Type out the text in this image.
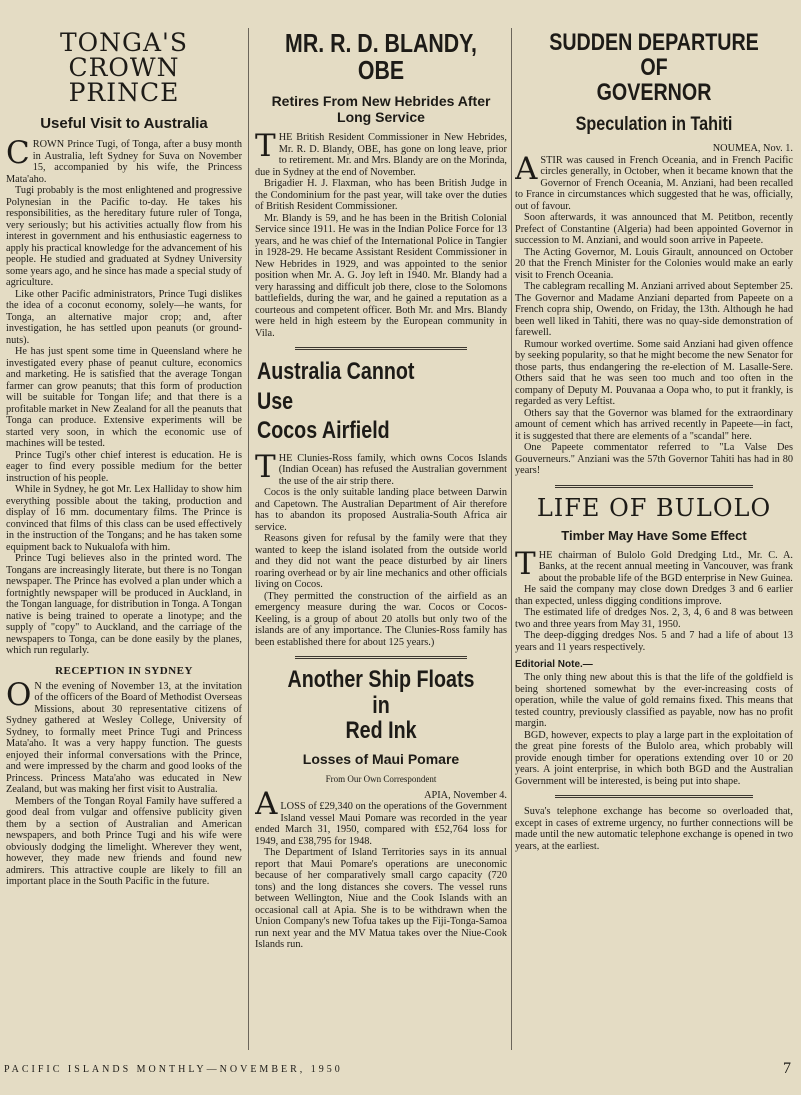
TONGA'S CROWN
PRINCE
Useful Visit to Australia
C ROWN Prince Tugi, of Tonga, after a busy month in Australia, left Sydney for Suva on November 15, accompanied by his wife, the Princess Mata'aho.

Tugi probably is the most enlightened and progressive Polynesian in the Pacific to-day. He takes his responsibilities, as the hereditary future ruler of Tonga, very seriously; but his activities actually flow from his interest in government and his enthusiastic eagerness to apply his practical knowledge for the advancement of his people. He studied and graduated at Sydney University some years ago, and he since has made a special study of agriculture.

Like other Pacific administrators, Prince Tugi dislikes the idea of a coconut economy, solely—he wants, for Tonga, an alternative major crop; and, after investigation, he has settled upon peanuts (or ground-nuts).

He has just spent some time in Queensland where he investigated every phase of peanut culture, economics and marketing. He is satisfied that the average Tongan farmer can grow peanuts; that this form of production will be suitable for Tongan life; and that there is a profitable market in New Zealand for all the peanuts that Tonga can produce. Extensive experiments will be started very soon, in which the economic use of machines will be tested.

Prince Tugi's other chief interest is education. He is eager to find every possible medium for the better instruction of his people.

While in Sydney, he got Mr. Lex Halliday to show him everything possible about the taking, production and display of 16 mm. documentary films. The Prince is convinced that films of this class can be used effectively in the instruction of the Tongans; and he has taken some equipment back to Nukualofa with him.

Prince Tugi believes also in the printed word. The Tongans are increasingly literate, but there is no Tongan newspaper. The Prince has evolved a plan under which a fortnightly newspaper will be produced in Auckland, in the Tongan language, for distribution in Tonga. A Tongan native is being trained to operate a linotype; and the supply of "copy" to Auckland, and the carriage of the newspapers to Tonga, can be done easily by the planes, which run regularly.

RECEPTION IN SYDNEY
O N the evening of November 13, at the invitation of the officers of the Board of Methodist Overseas Missions, about 30 representative citizens of Sydney gathered at Wesley College, University of Sydney, to formally meet Prince Tugi and Princess Mata'aho. It was a very happy function. The guests enjoyed their informal conversations with the Prince, and were impressed by the charm and good looks of the Princess. Princess Mata'aho was educated in New Zealand, but was making her first visit to Australia.

Members of the Tongan Royal Family have suffered a good deal from vulgar and offensive publicity given them by a section of Australian and American newspapers, and both Prince Tugi and his wife were obviously dodging the limelight. Wherever they went, however, they made new friends and found new admirers. This attractive couple are likely to fill an important place in the South Pacific in the future.

MR. R. D. BLANDY, OBE
Retires From New Hebrides After Long Service
T HE British Resident Commissioner in New Hebrides, Mr. R. D. Blandy, OBE, has gone on long leave, prior to retirement. Mr. and Mrs. Blandy are on the Morinda, due in Sydney at the end of November.

Brigadier H. J. Flaxman, who has been British Judge in the Condominium for the past year, will take over the duties of British Resident Commissioner.

Mr. Blandy is 59, and he has been in the British Colonial Service since 1911. He was in the Indian Police Force for 13 years, and he was chief of the International Police in Tangier in 1928-29. He became Assistant Resident Commissioner in New Hebrides in 1929, and was appointed to the senior position when Mr. A. G. Joy left in 1940. Mr. Blandy had a very harassing and difficult job there, close to the Solomons battlefields, during the war, and he gained a reputation as a courteous and competent officer. Both Mr. and Mrs. Blandy were held in high esteem by the European community in Vila.

Australia Cannot
Use
Cocos Airfield
T HE Clunies-Ross family, which owns Cocos Islands (Indian Ocean) has refused the Australian government the use of the air strip there.

Cocos is the only suitable landing place between Darwin and Capetown. The Australian Department of Air therefore has to abandon its proposed Australia-South Africa air service.

Reasons given for refusal by the family were that they wanted to keep the island isolated from the outside world and they did not want the peace disturbed by air liners roaring overhead or by air line mechanics and other officials living on Cocos.

(They permitted the construction of the airfield as an emergency measure during the war. Cocos or Cocos-Keeling, is a group of about 20 atolls but only two of the islands are of any importance. The Clunies-Ross family has been established there for about 125 years.)

Another Ship Floats in
Red Ink
Losses of Maui Pomare
From Our Own Correspondent
A	APIA, November 4.

LOSS of £29,340 on the operations of the Government Island vessel Maui Pomare was recorded in the year ended March 31, 1950, compared with £52,764 loss for 1949, and £38,795 for 1948.

The Department of Island Territories says in its annual report that Maui Pomare's operations are uneconomic because of her comparatively small cargo capacity (720 tons) and the long distances she covers. The vessel runs between Wellington, Niue and the Cook Islands with an occasional call at Apia. She is to be withdrawn when the Union Company's new Tofua takes up the Fiji-Tonga-Samoa run next year and the MV Matua takes over the Niue-Cook Islands run.

SUDDEN DEPARTURE OF
GOVERNOR
Speculation in Tahiti

NOUMEA, Nov. 1.

A STIR was caused in French Oceania, and in French Pacific circles generally, in October, when it became known that the Governor of French Oceania, M. Anziani, had been recalled to France in circumstances which suggested that he was, officially, out of favour.

Soon afterwards, it was announced that M. Petitbon, recently Prefect of Constantine (Algeria) had been appointed Governor in succession to M. Anziani, and would soon arrive in Papeete.

The Acting Governor, M. Louis Girault, announced on October 20 that the French Minister for the Colonies would make an early visit to French Oceania.

The cablegram recalling M. Anziani arrived about September 25. The Governor and Madame Anziani departed from Papeete on a French copra ship, Owendo, on Friday, the 13th. Although he had been well liked in Tahiti, there was no quay-side demonstration of farewell.

Rumour worked overtime. Some said Anziani had given offence by seeking popularity, so that he might become the new Senator for those parts, thus endangering the re-election of M. Lasalle-Sere. Others said that he was seen too much and too often in the company of Deputy M. Pouvanaa a Oopa who, to put it frankly, is regarded as very Leftist.

Others say that the Governor was blamed for the extraordinary amount of cement which has arrived recently in Papeete—in fact, it is suggested that there are elements of a "scandal" here.

One Papeete commentator referred to "La Valse Des Gouverneurs." Anziani was the 57th Governor Tahiti has had in 80 years!

LIFE OF BULOLO
Timber May Have Some Effect
T HE chairman of Bulolo Gold Dredging Ltd., Mr. C. A. Banks, at the recent annual meeting in Vancouver, was frank about the probable life of the BGD enterprise in New Guinea.

He said the company may close down Dredges 3 and 6 earlier than expected, unless digging conditions improve.

The estimated life of dredges Nos. 2, 3, 4, 6 and 8 was between two and three years from May 31, 1950.

The deep-digging dredges Nos. 5 and 7 had a life of about 13 years and 11 years respectively.

Editorial Note.—

The only thing new about this is that the life of the goldfield is being shortened somewhat by the ever-increasing costs of operation, while the value of gold remains fixed. This means that tested country, previously classified as payable, now has no profit margin.

BGD, however, expects to play a large part in the exploitation of the great pine forests of the Bulolo area, which probably will provide enough timber for operations extending over 10 or 20 years. A joint enterprise, in which both BGD and the Australian Government will be interested, is being put into shape.

Suva's telephone exchange has become so overloaded that, except in cases of extreme urgency, no further connections will be made until the new automatic telephone exchange is opened in two years, at the earliest.

PACIFIC ISLANDS MONTHLY—NOVEMBER, 1950	7
